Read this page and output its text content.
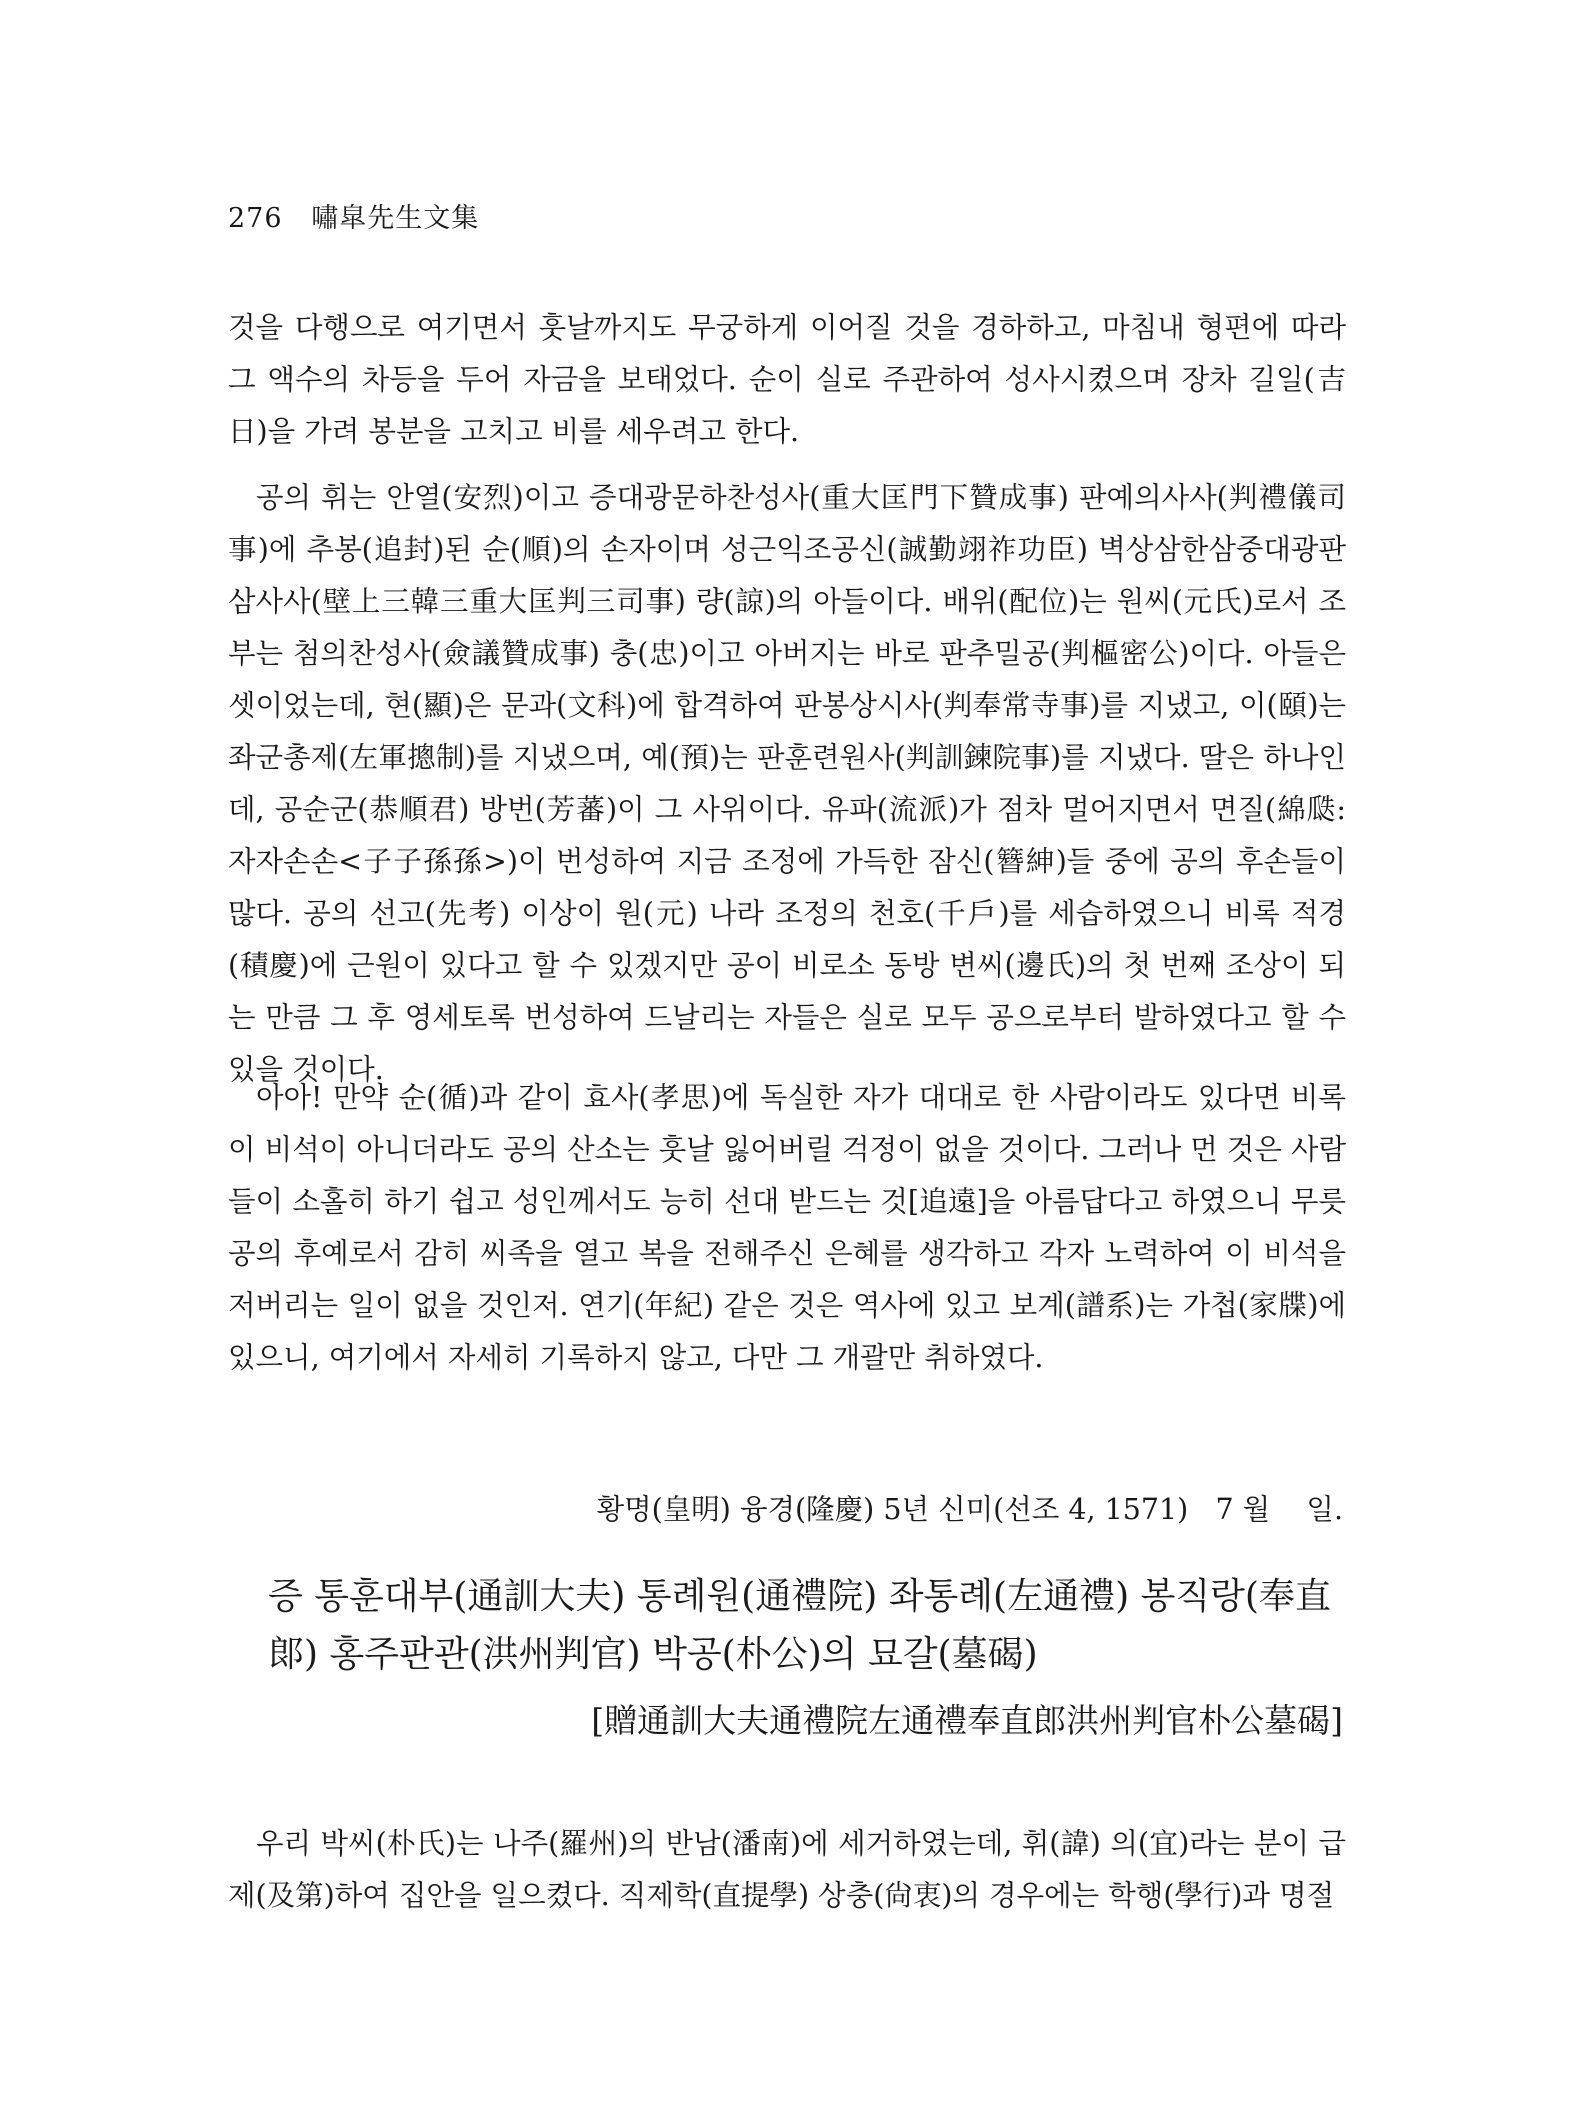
276 嘯皐先生文集

것을 다행으로 여기면서 훗날까지도 무궁하게 이어질 것을 경하하고, 마침내 형편에 따라 그 액수의 차등을 두어 자금을 보태었다. 순이 실로 주관하여 성사시켰으며 장차 길일(吉日)을 가려 봉분을 고치고 비를 세우려고 한다.

공의 휘는 안열(安烈)이고 증대광문하찬성사(重大匡門下贊成事) 판예의사사(判禮儀司事)에 추봉(追封)된 순(順)의 손자이며 성근익조공신(誠勤翊祚功臣) 벽상삼한삼중대광판삼사사(壁上三韓三重大匡判三司事) 량(諒)의 아들이다. 배위(配位)는 원씨(元氏)로서 조부는 첨의찬성사(僉議贊成事) 충(忠)이고 아버지는 바로 판추밀공(判樞密公)이다. 아들은 셋이었는데, 현(顯)은 문과(文科)에 합격하여 판봉상시사(判奉常寺事)를 지냈고, 이(頤)는 좌군총제(左軍摠制)를 지냈으며, 예(預)는 판훈련원사(判訓鍊院事)를 지냈다. 딸은 하나인데, 공순군(恭順君) 방번(芳蕃)이 그 사위이다. 유파(流派)가 점차 멀어지면서 면질(綿瓞:자자손손<子子孫孫>)이 번성하여 지금 조정에 가득한 잠신(簪紳)들 중에 공의 후손들이 많다. 공의 선고(先考) 이상이 원(元) 나라 조정의 천호(千戶)를 세습하였으니 비록 적경(積慶)에 근원이 있다고 할 수 있겠지만 공이 비로소 동방 변씨(邊氏)의 첫 번째 조상이 되는 만큼 그 후 영세토록 번성하여 드날리는 자들은 실로 모두 공으로부터 발하였다고 할 수 있을 것이다.

아아! 만약 순(循)과 같이 효사(孝思)에 독실한 자가 대대로 한 사람이라도 있다면 비록 이 비석이 아니더라도 공의 산소는 훗날 잃어버릴 걱정이 없을 것이다. 그러나 먼 것은 사람들이 소홀히 하기 쉽고 성인께서도 능히 선대 받드는 것[追遠]을 아름답다고 하였으니 무릇 공의 후예로서 감히 씨족을 열고 복을 전해주신 은혜를 생각하고 각자 노력하여 이 비석을 저버리는 일이 없을 것인저. 연기(年紀) 같은 것은 역사에 있고 보계(譜系)는 가첩(家牒)에 있으니, 여기에서 자세히 기록하지 않고, 다만 그 개괄만 취하였다.

황명(皇明) 융경(隆慶) 5년 신미(선조 4, 1571)   7 월    일.
증 통훈대부(通訓大夫) 통례원(通禮院) 좌통례(左通禮) 봉직랑(奉直郞) 홍주판관(洪州判官) 박공(朴公)의 묘갈(墓碣)
[贈通訓大夫通禮院左通禮奉直郎洪州判官朴公墓碣]

우리 박씨(朴氏)는 나주(羅州)의 반남(潘南)에 세거하였는데, 휘(諱) 의(宜)라는 분이 급제(及第)하여 집안을 일으켰다. 직제학(直提學) 상충(尙衷)의 경우에는 학행(學行)과 명절
